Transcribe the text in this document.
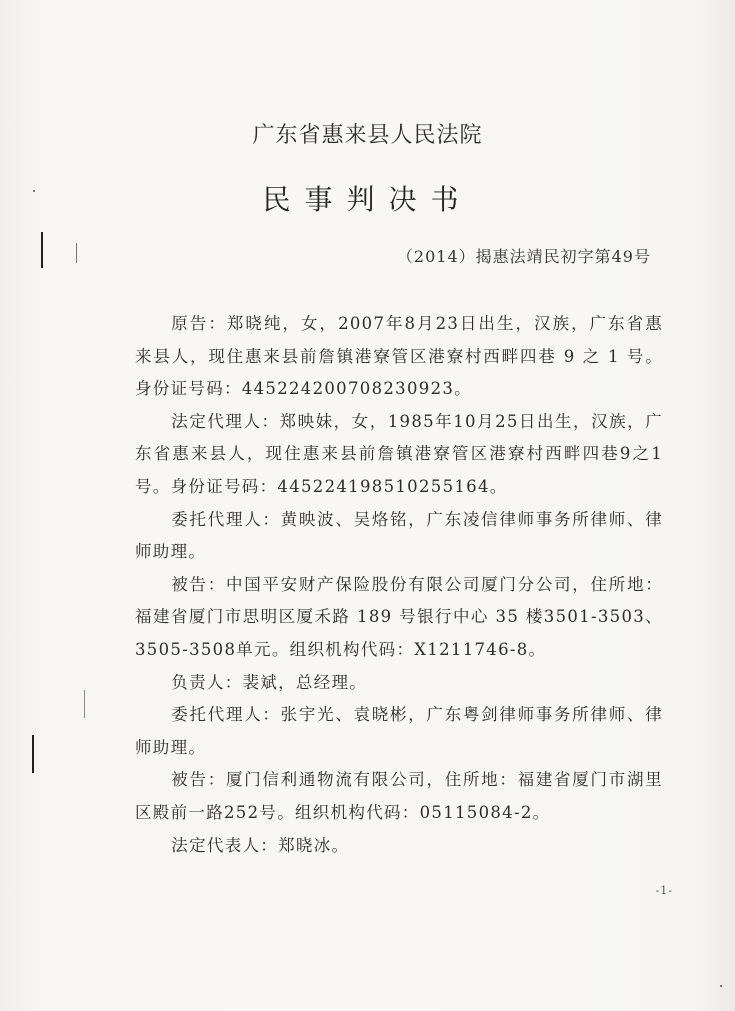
广东省惠来县人民法院
民事判决书
（2014）揭惠法靖民初字第49号

原告：郑晓纯，女，2007年8月23日出生，汉族，广东省惠来县人，现住惠来县前詹镇港寮管区港寮村西畔四巷 9 之 1 号。身份证号码：445224200708230923。

法定代理人：郑映妹，女，1985年10月25日出生，汉族，广东省惠来县人，现住惠来县前詹镇港寮管区港寮村西畔四巷9之1号。身份证号码：445224198510255164。

委托代理人：黄映波、吴烙铭，广东凌信律师事务所律师、律师助理。

被告：中国平安财产保险股份有限公司厦门分公司，住所地：福建省厦门市思明区厦禾路 189 号银行中心 35 楼3501-3503、3505-3508单元。组织机构代码：X1211746-8。

负责人：裴斌，总经理。

委托代理人：张宇光、袁晓彬，广东粤剑律师事务所律师、律师助理。

被告：厦门信利通物流有限公司，住所地：福建省厦门市湖里区殿前一路252号。组织机构代码：05115084-2。

法定代表人：郑晓冰。

-1-
